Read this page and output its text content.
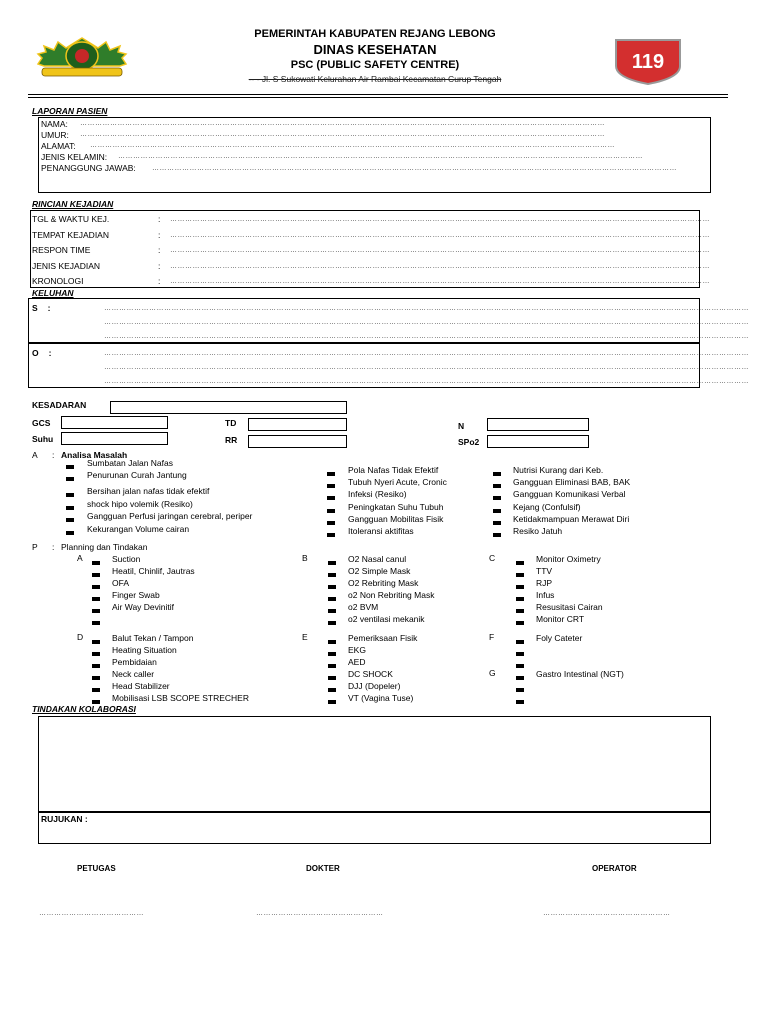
PEMERINTAH KABUPATEN REJANG LEBONG
DINAS KESEHATAN
PSC (PUBLIC SAFETY CENTRE)
-- - Jl. S Sukowati Kelurahan Air Rambai Kecamatan Curup Tengah
119
LAPORAN PASIEN
NAMA: …………………………………………………………………………………………………………………………………………………………………………………………
UMUR: …………………………………………………………………………………………………………………………………………………………………………………………
ALAMAT: …………………………………………………………………………………………………………………………………………………………………………………………
JENIS KELAMIN: …………………………………………………………………………………………………………………………………………………………………………………………
PENANGGUNG JAWAB: …………………………………………………………………………………………………………………………………………………………………………………………
RINCIAN KEJADIAN
TGL & WAKTU KEJ.	: ………………………………………………………………………………………………………………………………………………………………………………………………
TEMPAT KEJADIAN	: ………………………………………………………………………………………………………………………………………………………………………………………………
RESPON TIME	: ………………………………………………………………………………………………………………………………………………………………………………………………
JENIS KEJADIAN	: ………………………………………………………………………………………………………………………………………………………………………………………………
KRONOLOGI	: ………………………………………………………………………………………………………………………………………………………………………………………………
KELUHAN
S :	……………………………………………………………………………………………………………………………………………………………………………………………………………………………………
……………………………………………………………………………………………………………………………………………………………………………………………………………………………………
……………………………………………………………………………………………………………………………………………………………………………………………………………………………………
O :	……………………………………………………………………………………………………………………………………………………………………………………………………………………………………
……………………………………………………………………………………………………………………………………………………………………………………………………………………………………
……………………………………………………………………………………………………………………………………………………………………………………………………………………………………
KESADARAN
GCS	TD	N
Suhu	RR	SPo2
A : Analisa Masalah
Sumbatan Jalan Nafas
Penurunan Curah Jantung
Bersihan jalan nafas tidak efektif
shock hipo volemik (Resiko)
Gangguan Perfusi jaringan cerebral, periper
Kekurangan Volume cairan
Pola Nafas Tidak Efektif
Tubuh Nyeri Acute, Cronic
Infeksi (Resiko)
Peningkatan Suhu Tubuh
Gangguan Mobilitas Fisik
Itoleransi aktifitas
Nutrisi Kurang dari Keb.
Gangguan Eliminasi BAB, BAK
Gangguan Komunikasi Verbal
Kejang (Confulsif)
Ketidakmampuan Merawat Diri
Resiko Jatuh
P : Planning dan Tindakan
A	Suction
Heatil, Chinlif, Jautras
OFA
Finger Swab
Air Way Devinitif
B	O2 Nasal canul
O2 Simple Mask
O2 Rebriting Mask
o2 Non Rebriting Mask
o2 BVM
o2 ventilasi mekanik
C	Monitor Oximetry
TTV
RJP
Infus
Resusitasi Cairan
Monitor CRT
D	Balut Tekan / Tampon
Heating Situation
Pembidaian
Neck caller
Head Stabilizer
Mobilisasi LSB SCOPE STRECHER
E	Pemeriksaan Fisik
EKG
AED
DC SHOCK
DJJ (Dopeler)
VT (Vagina Tuse)
F	Foly Cateter
G	Gastro Intestinal (NGT)
TINDAKAN KOLABORASI
RUJUKAN :
PETUGAS	DOKTER	OPERATOR
……………………………………	……………………………………………	……………………………………………
